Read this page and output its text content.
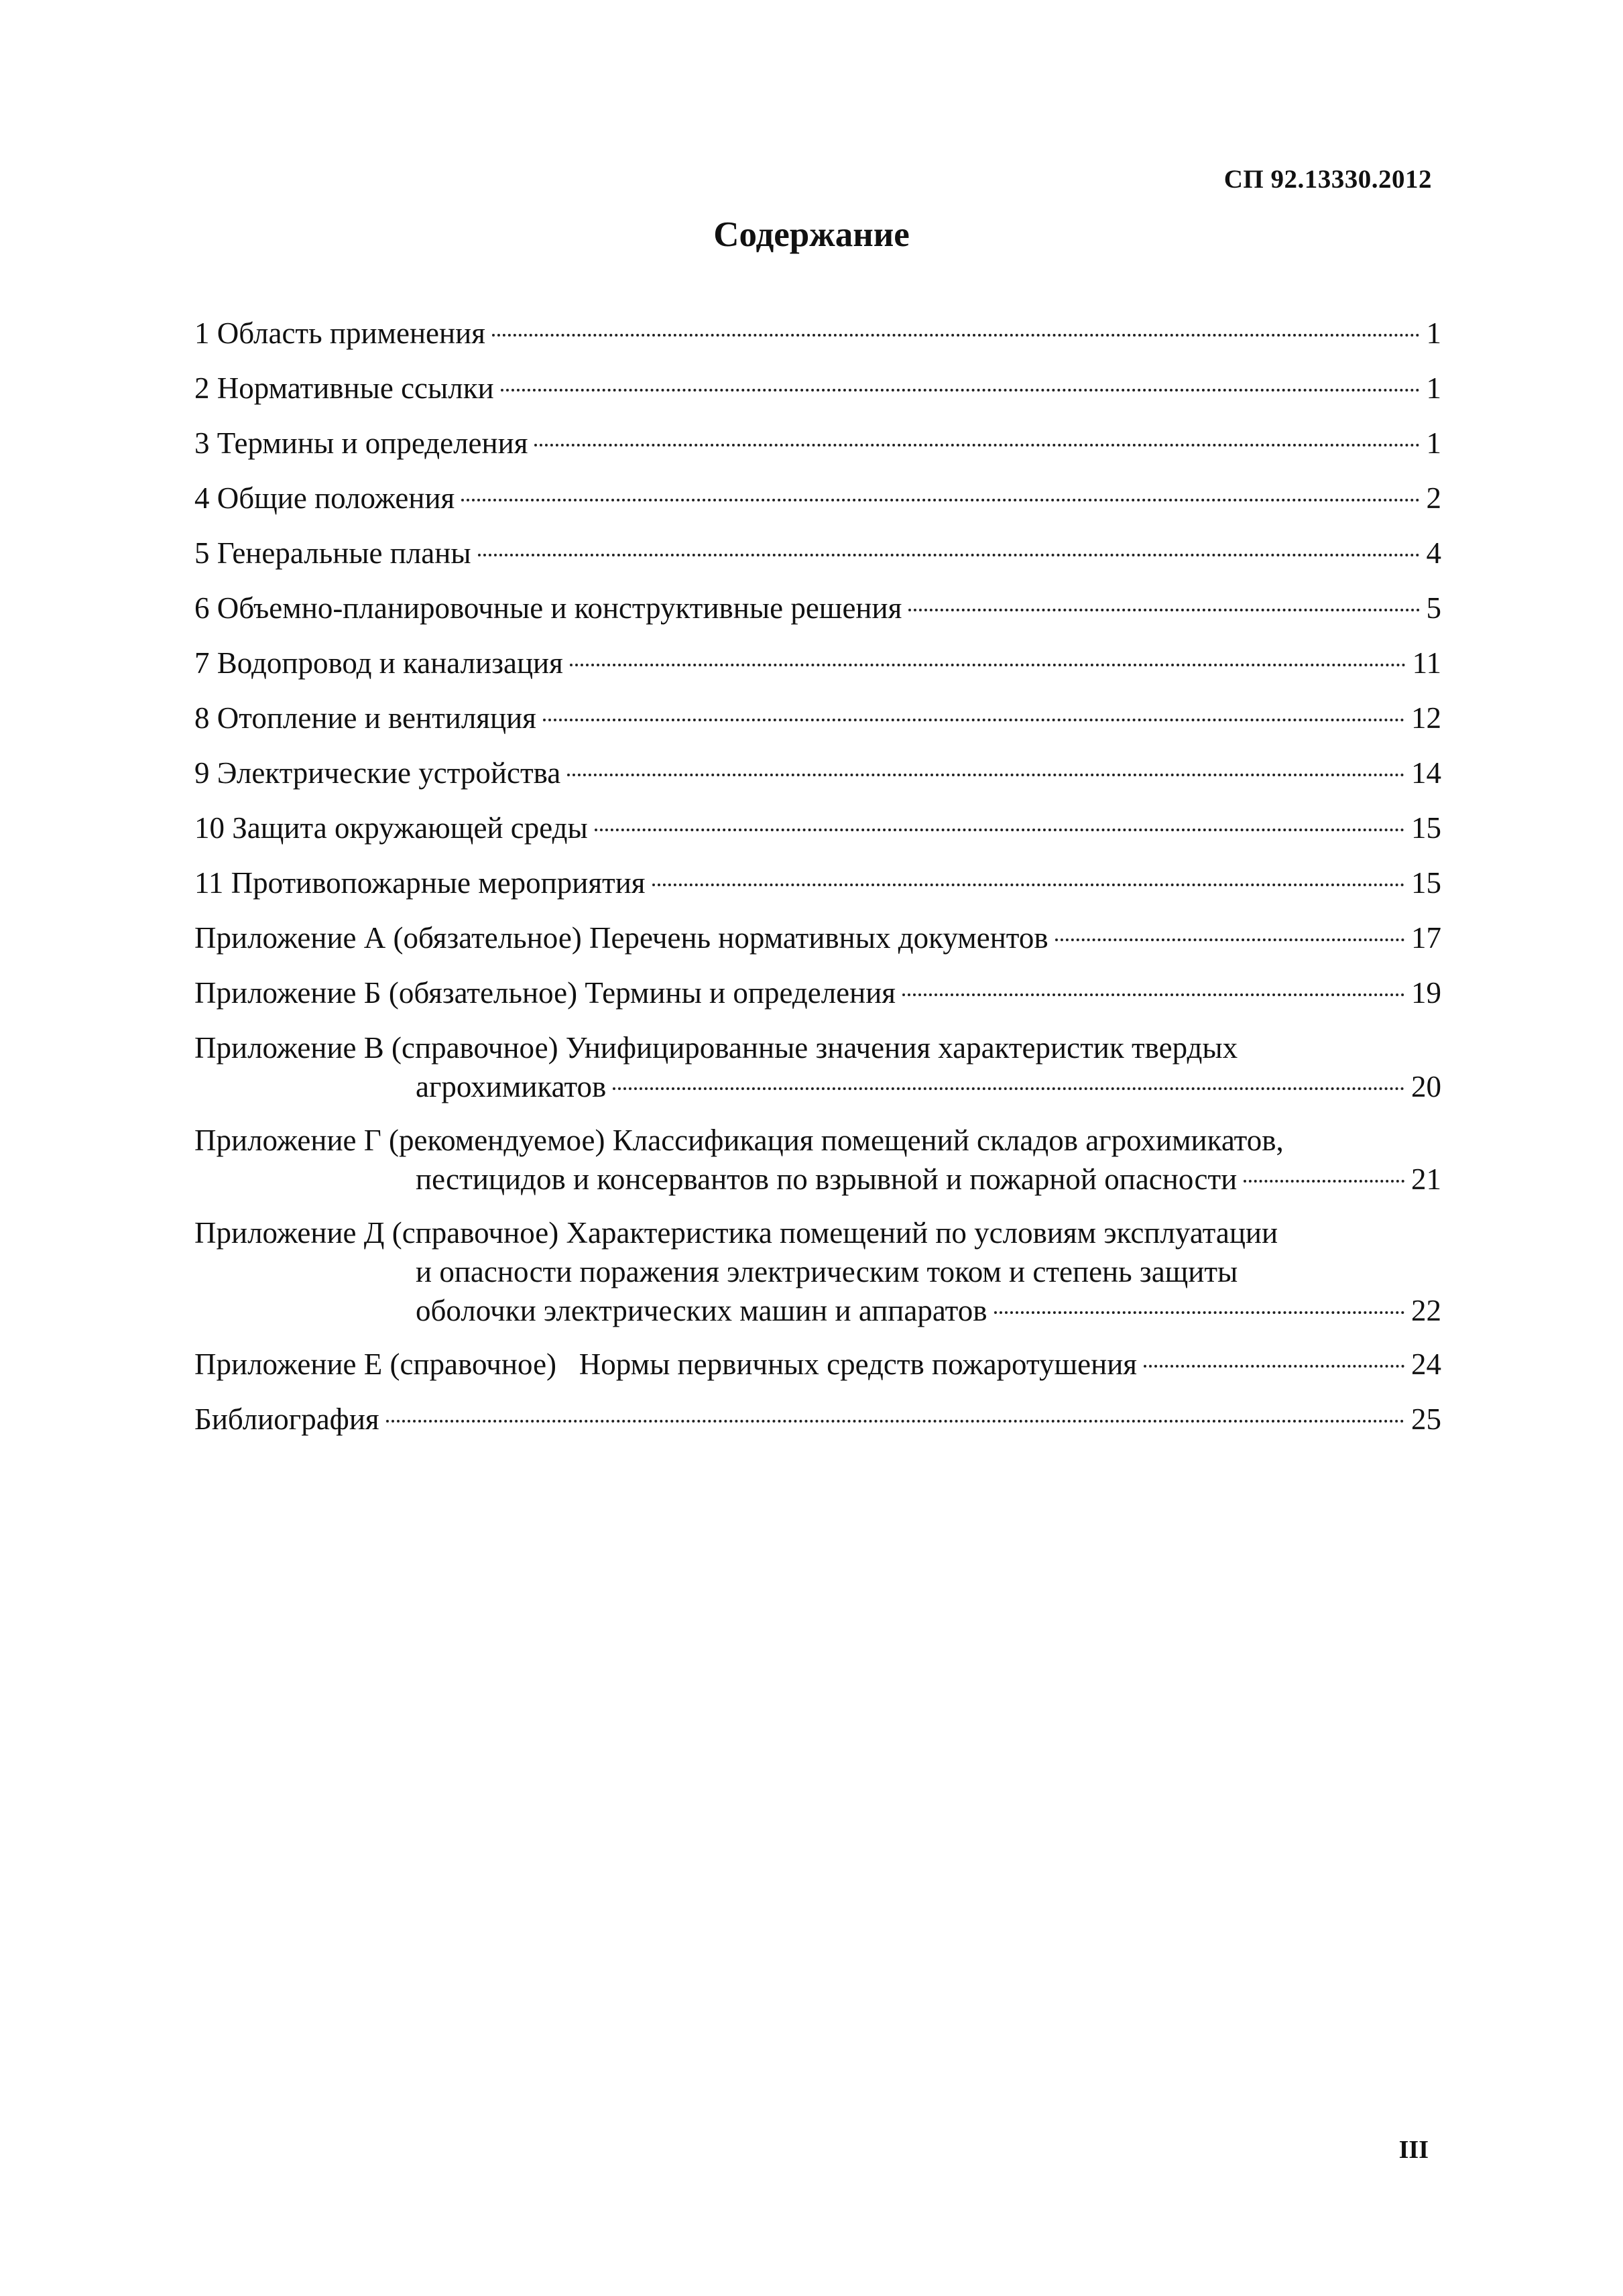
СП 92.13330.2012
Содержание
1 Область применения	1
2 Нормативные ссылки	1
3 Термины и определения	1
4 Общие положения	2
5 Генеральные планы	4
6 Объемно-планировочные и конструктивные решения	5
7 Водопровод и канализация	11
8 Отопление и вентиляция	12
9 Электрические устройства	14
10 Защита окружающей среды	15
11 Противопожарные мероприятия	15
Приложение А (обязательное) Перечень нормативных документов	17
Приложение Б (обязательное) Термины и определения	19
Приложение В (справочное) Унифицированные значения характеристик твердых
агрохимикатов	20
Приложение Г (рекомендуемое) Классификация помещений складов агрохимикатов,
пестицидов и консервантов по взрывной и пожарной опасности	21
Приложение Д (справочное) Характеристика помещений по условиям эксплуатации
и опасности поражения электрическим током и степень защиты
оболочки электрических машин и аппаратов	22
Приложение Е (справочное)   Нормы первичных средств пожаротушения	24
Библиография	25
III
